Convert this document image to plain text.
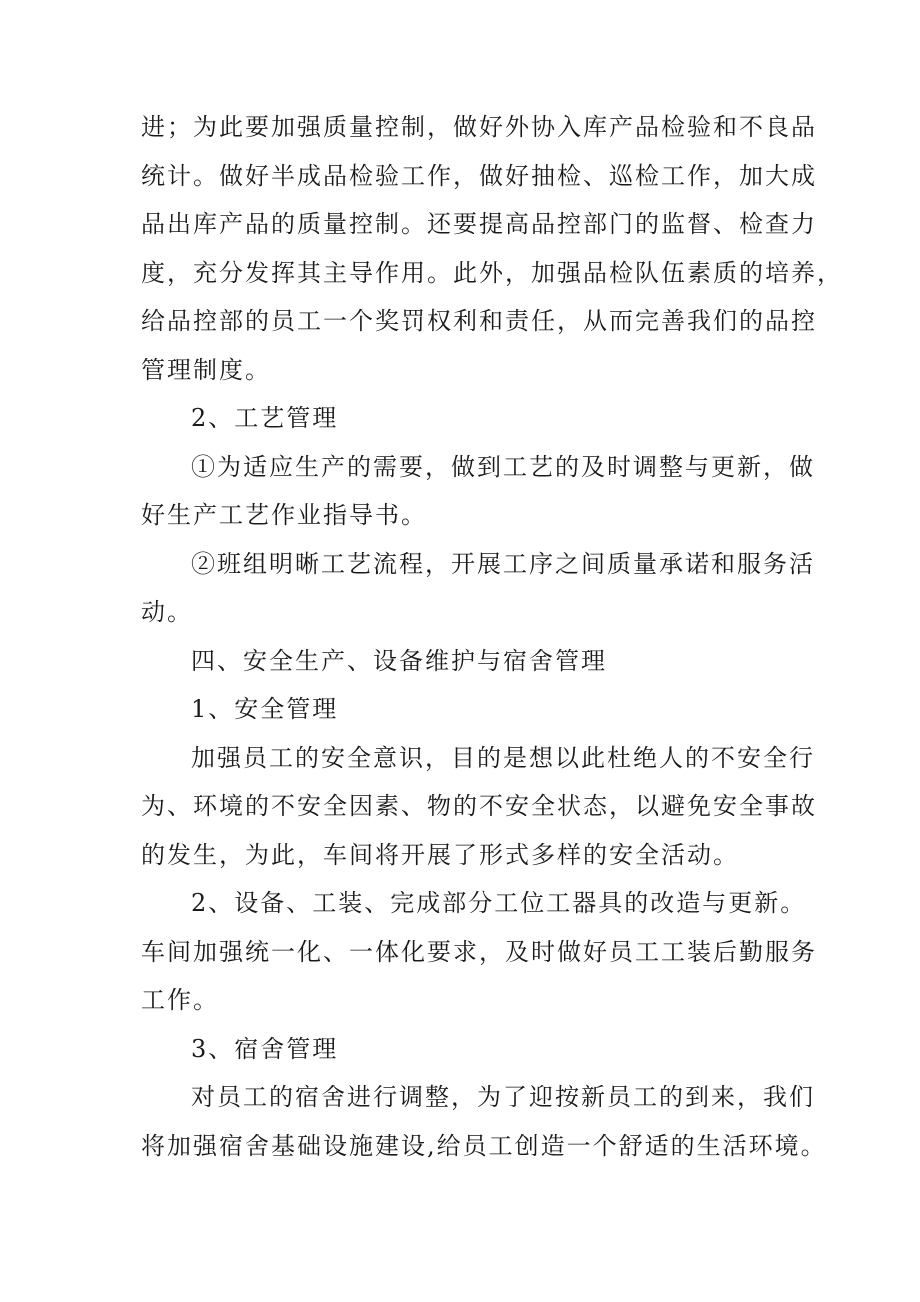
进；为此要加强质量控制，做好外协入库产品检验和不良品
统计。做好半成品检验工作，做好抽检、巡检工作，加大成
品出库产品的质量控制。还要提高品控部门的监督、检查力
度，充分发挥其主导作用。此外，加强品检队伍素质的培养，
给品控部的员工一个奖罚权利和责任，从而完善我们的品控
管理制度。
2、工艺管理
①为适应生产的需要，做到工艺的及时调整与更新，做
好生产工艺作业指导书。
②班组明晰工艺流程，开展工序之间质量承诺和服务活
动。
四、安全生产、设备维护与宿舍管理
1、安全管理
加强员工的安全意识，目的是想以此杜绝人的不安全行
为、环境的不安全因素、物的不安全状态，以避免安全事故
的发生，为此，车间将开展了形式多样的安全活动。
2、设备、工装、完成部分工位工器具的改造与更新。
车间加强统一化、一体化要求，及时做好员工工装后勤服务
工作。
3、宿舍管理
对员工的宿舍进行调整，为了迎按新员工的到来，我们
将加强宿舍基础设施建设,给员工创造一个舒适的生活环境。
